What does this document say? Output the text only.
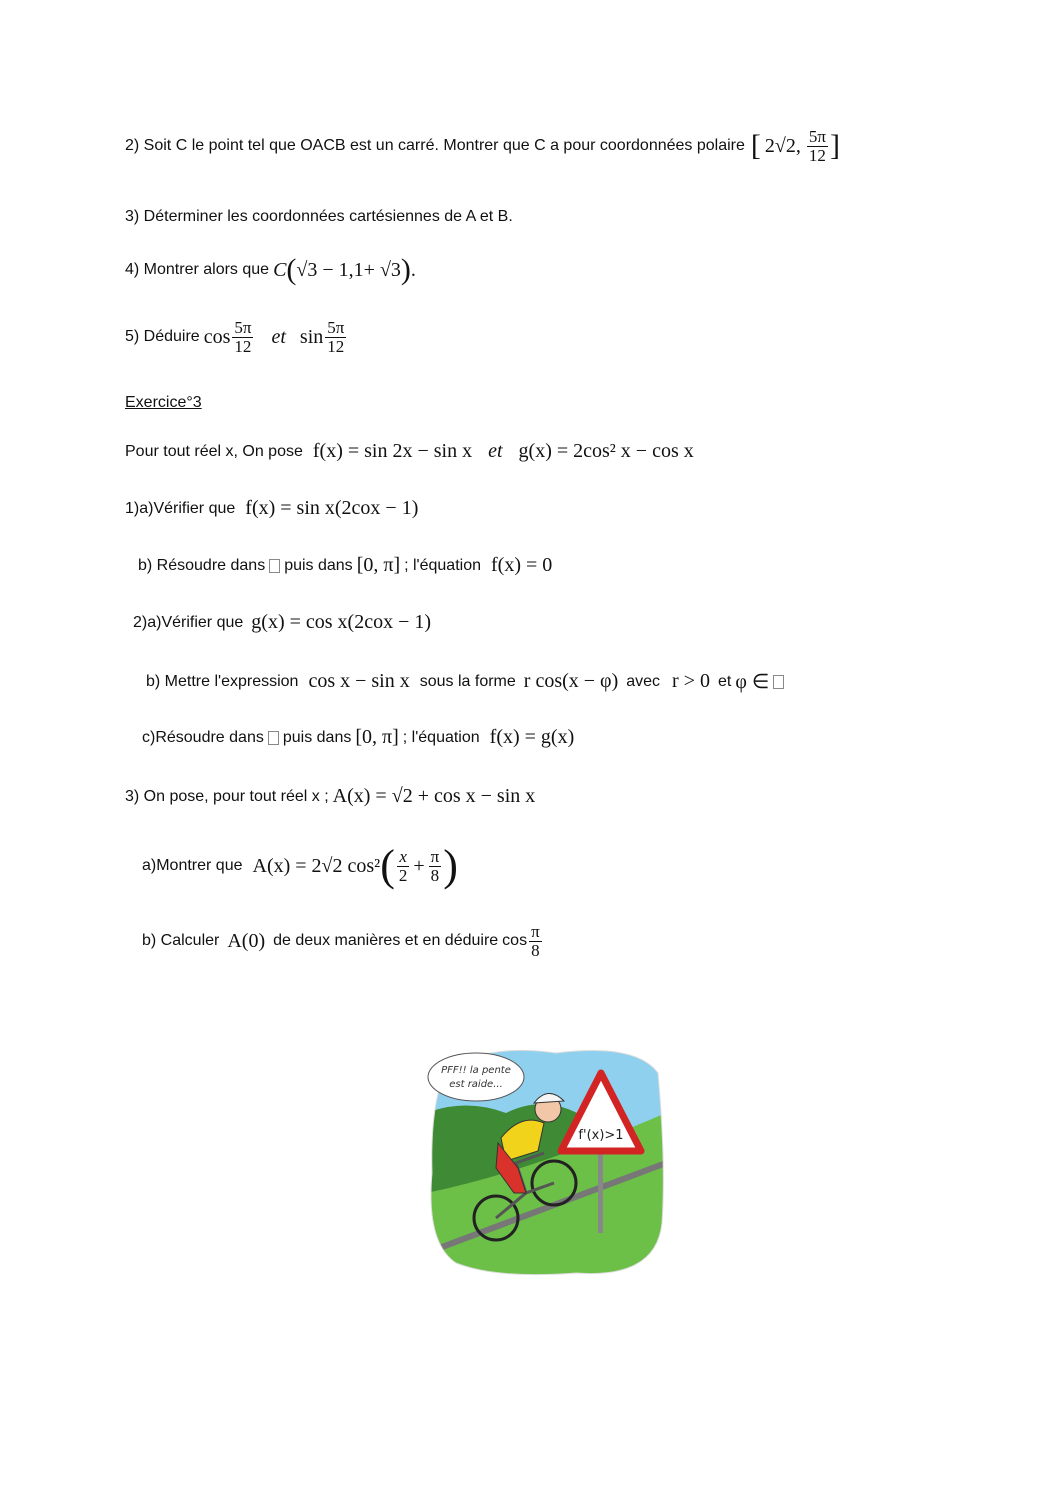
2) Soit C le point tel que OACB est un carré. Montrer que C a pour coordonnées polaire [ 2√2, $\frac{5\pi}{12}$ ]
3) Déterminer les coordonnées cartésiennes de A et B.
4) Montrer alors que C ( √3 − 1,1+ √3 ) .
5) Déduire $\cos \frac{5\pi}{12}$ et $\sin \frac{5\pi}{12}$
Exercice°3
Pour tout réel x, On pose f(x) = sin 2x − sin x et g(x) = 2cos² x − cos x
1)a)Vérifier que f(x) = sin x(2cox − 1)
b) Résoudre dans puis dans [0, π] ; l'équation f(x) = 0
2)a)Vérifier que g(x) = cos x(2cox − 1)
b) Mettre l'expression cos x − sin x sous la forme r cos(x − φ) avec r > 0 et φ ∈
c)Résoudre dans puis dans [0, π] ; l'équation f(x) = g(x)
3) On pose, pour tout réel x ; A(x) = √2 + cos x − sin x
a)Montrer que A(x) = 2√2 cos² ( $\frac{x}{2} + \frac{\pi}{8}$ )
b) Calculer A(0) de deux manières et en déduire $\cos \frac{\pi}{8}$
PFF!! la pente
est raide...
f'(x)>1
